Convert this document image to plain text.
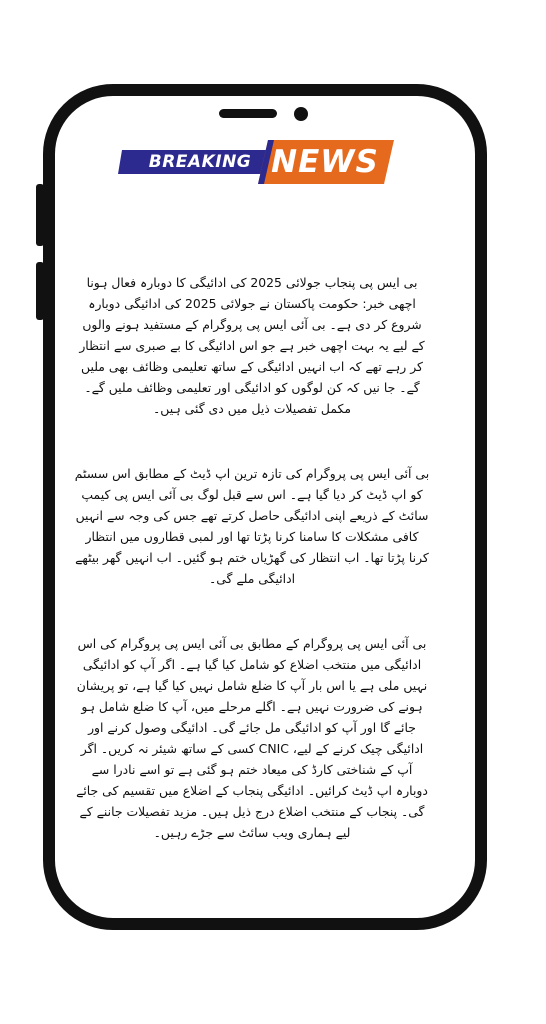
BREAKING NEWS

بی ایس پی پنجاب جولائی 2025 کی ادائیگی کا دوبارہ فعال ہونا اچھی خبر: حکومت پاکستان نے جولائی 2025 کی ادائیگی دوبارہ شروع کر دی ہے۔ بی آئی ایس پی پروگرام کے مستفید ہونے والوں کے لیے یہ بہت اچھی خبر ہے جو اس ادائیگی کا بے صبری سے انتظار کر رہے تھے کہ اب انہیں ادائیگی کے ساتھ تعلیمی وظائف بھی ملیں گے۔ جا نیں کہ کن لوگوں کو ادائیگی اور تعلیمی وظائف ملیں گے۔ مکمل تفصیلات ذیل میں دی گئی ہیں۔

بی آئی ایس پی پروگرام کی تازہ ترین اپ ڈیٹ کے مطابق اس سسٹم کو اپ ڈیٹ کر دیا گیا ہے۔ اس سے قبل لوگ بی آئی ایس پی کیمپ سائٹ کے ذریعے اپنی ادائیگی حاصل کرتے تھے جس کی وجہ سے انہیں کافی مشکلات کا سامنا کرنا پڑتا تھا اور لمبی قطاروں میں انتظار کرنا پڑتا تھا۔ اب انتظار کی گھڑیاں ختم ہو گئیں۔ اب انہیں گھر بیٹھے ادائیگی ملے گی۔

بی آئی ایس پی پروگرام کے مطابق بی آئی ایس پی پروگرام کی اس ادائیگی میں منتخب اضلاع کو شامل کیا گیا ہے۔ اگر آپ کو ادائیگی نہیں ملی ہے یا اس بار آپ کا ضلع شامل نہیں کیا گیا ہے، تو پریشان ہونے کی ضرورت نہیں ہے۔ اگلے مرحلے میں، آپ کا ضلع شامل ہو جائے گا اور آپ کو ادائیگی مل جائے گی۔ ادائیگی وصول کرنے اور ادائیگی چیک کرنے کے لیے، CNIC کسی کے ساتھ شیئر نہ کریں۔ اگر آپ کے شناختی کارڈ کی میعاد ختم ہو گئی ہے تو اسے نادرا سے دوبارہ اپ ڈیٹ کرائیں۔ ادائیگی پنجاب کے اضلاع میں تقسیم کی جائے گی۔ پنجاب کے منتخب اضلاع درج ذیل ہیں۔ مزید تفصیلات جاننے کے لیے ہماری ویب سائٹ سے جڑے رہیں۔
